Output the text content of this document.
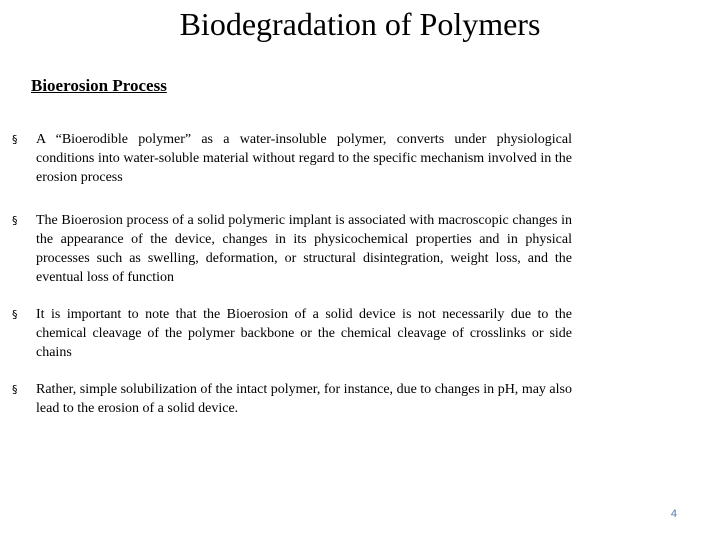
Biodegradation of Polymers
Bioerosion Process
§ A “Bioerodible polymer” as a water-insoluble polymer, converts under physiological conditions into water-soluble material without regard to the specific mechanism involved in the erosion process
§ The Bioerosion process of a solid polymeric implant is associated with macroscopic changes in the appearance of the device, changes in its physicochemical properties and in physical processes such as swelling, deformation, or structural disintegration, weight loss, and the eventual loss of function
§ It is important to note that the Bioerosion of a solid device is not necessarily due to the chemical cleavage of the polymer backbone or the chemical cleavage of crosslinks or side chains
§ Rather, simple solubilization of the intact polymer, for instance, due to changes in pH, may also lead to the erosion of a solid device.
4
